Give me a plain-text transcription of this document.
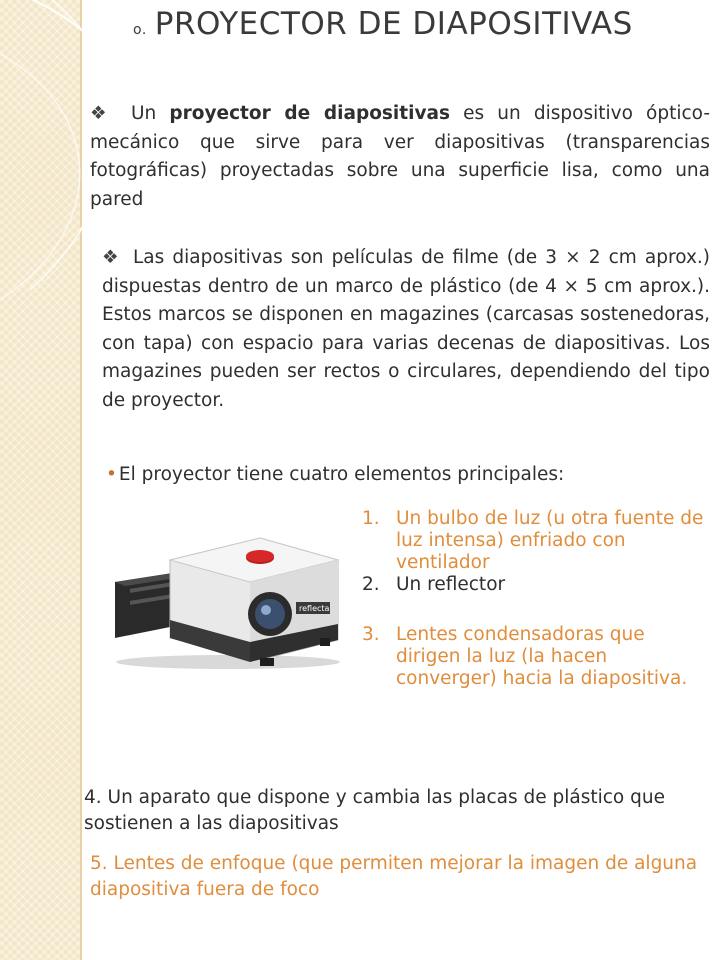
o. PROYECTOR DE DIAPOSITIVAS
❖ Un proyector de diapositivas es un dispositivo óptico-mecánico que sirve para ver diapositivas (transparencias fotográficas) proyectadas sobre una superficie lisa, como una pared
❖ Las diapositivas son películas de filme (de 3 × 2 cm aprox.) dispuestas dentro de un marco de plástico (de 4 × 5 cm aprox.). Estos marcos se disponen en magazines (carcasas sostenedoras, con tapa) con espacio para varias decenas de diapositivas. Los magazines pueden ser rectos o circulares, dependiendo del tipo de proyector.
• El proyector tiene cuatro elementos principales:
reflecta
1. Un bulbo de luz (u otra fuente de luz intensa) enfriado con ventilador
2. Un reflector
3. Lentes condensadoras que dirigen la luz (la hacen converger) hacia la diapositiva.
4. Un aparato que dispone y cambia las placas de plástico que sostienen a las diapositivas
5. Lentes de enfoque (que permiten mejorar la imagen de alguna diapositiva fuera de foco
